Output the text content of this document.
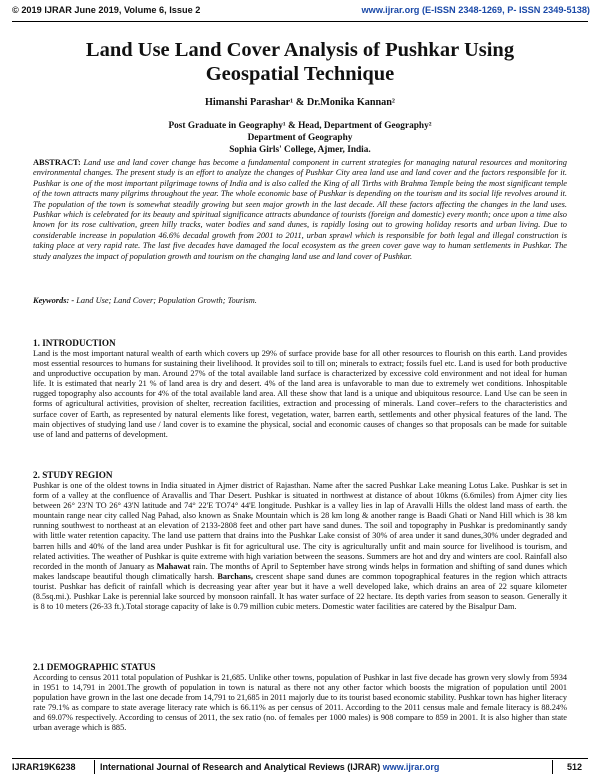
© 2019 IJRAR June 2019, Volume 6, Issue 2	www.ijrar.org (E-ISSN 2348-1269, P- ISSN 2349-5138)
Land Use Land Cover Analysis of Pushkar Using
Geospatial Technique
Himanshi Parashar¹ & Dr.Monika Kannan²
Post Graduate in Geography¹ & Head, Department of Geography²
Department of Geography
Sophia Girls' College, Ajmer, India.

ABSTRACT: Land use and land cover change has become a fundamental component in current strategies for managing natural resources and monitoring environmental changes. The present study is an effort to analyze the changes of Pushkar City area land use and land cover and the factors responsible for it. Pushkar is one of the most important pilgrimage towns of India and is also called the King of all Tirths with Brahma Temple being the most significant temple of the town attracts many pilgrims throughout the year. The whole economic base of Pushkar is depending on the tourism and its social life revolves around it. The population of the town is somewhat steadily growing but seen major growth in the last decade. All these factors affecting the changes in the land uses. Pushkar which is celebrated for its beauty and spiritual significance attracts abundance of tourists (foreign and domestic) every month; once upon a time also known for its rose cultivation, green hilly tracks, water bodies and sand dunes, is rapidly losing out to growing holiday resorts and urban living. Due to considerable increase in population 46.6% decadal growth from 2001 to 2011, urban sprawl which is responsible for both legal and illegal construction is taking place at very rapid rate. The last five decades have damaged the local ecosystem as the green cover gave way to human settlements in Pushkar. The study analyzes the impact of population growth and tourism on the changing land use and land cover of Pushkar.

Keywords: - Land Use; Land Cover; Population Growth; Tourism.

1. INTRODUCTION

Land is the most important natural wealth of earth which covers up 29% of surface provide base for all other resources to flourish on this earth. Land provides most essential resources to humans for sustaining their livelihood. It provides soil to till on; minerals to extract; fossils fuel etc. Land is used for both productive and unproductive occupation by man. Around 27% of the total available land surface is characterized by excessive cold environment and not ideal for human life. It is estimated that nearly 21 % of land area is dry and desert. 4% of the land area is unfavorable to man due to extremely wet conditions. Inhospitable rugged topography also accounts for 4% of the total available land area. All these show that land is a unique and ubiquitous resource. Land Use can be seen in forms of agricultural activities, provision of shelter, recreation facilities, extraction and processing of minerals. Land cover–refers to the characteristics and surface cover of Earth, as represented by natural elements like forest, vegetation, water, barren earth, settlements and other physical features of the land. The main objectives of studying land use / land cover is to examine the physical, social and economic causes of changes so that proposals can be made for suitable use of land and patterns of development.

2. STUDY REGION

Pushkar is one of the oldest towns in India situated in Ajmer district of Rajasthan. Name after the sacred Pushkar Lake meaning Lotus Lake. Pushkar is set in form of a valley at the confluence of Aravallis and Thar Desert. Pushkar is situated in northwest at distance of about 10kms (6.6miles) from Ajmer city lies between 26° 23'N TO 26° 43'N latitude and 74° 22'E TO74° 44'E longitude. Pushkar is a valley lies in lap of Aravalli Hills the oldest land mass of earth. the mountain range near city called Nag Pahad, also known as Snake Mountain which is 28 km long & another range is Baadi Ghati or Nand Hill which is 38 km running southwest to northeast at an elevation of 2133-2808 feet and other part have sand dunes. The soil and topography in Pushkar is predominantly sandy with little water retention capacity. The land use pattern that drains into the Pushkar Lake consist of 30% of area under it sand dunes,30% under degraded and barren hills and 40% of the land area under Pushkar is fit for agricultural use. The city is agriculturally unfit and main source for livelihood is tourism, and related activities. The weather of Pushkar is quite extreme with high variation between the seasons. Summers are hot and dry and winters are cool. Rainfall also recorded in the month of January as Mahawat rain. The months of April to September have strong winds helps in formation and shifting of sand dunes which makes landscape beautiful though climatically harsh. Barchans, crescent shape sand dunes are common topographical features in the region which attracts tourist. Pushkar has deficit of rainfall which is decreasing year after year but it have a well developed lake, which drains an area of 22 square kilometer (8.5sq.mi.). Pushkar Lake is perennial lake sourced by monsoon rainfall. It has water surface of 22 hectare. Its depth varies from season to season. Generally it is 8 to 10 meters (26-33 ft.).Total storage capacity of lake is 0.79 million cubic meters. Domestic water facilities are catered by the Bisalpur Dam.

2.1 DEMOGRAPHIC STATUS

According to census 2011 total population of Pushkar is 21,685. Unlike other towns, population of Pushkar in last five decade has grown very slowly from 5934 in 1951 to 14,791 in 2001.The growth of population in town is natural as there not any other factor which boosts the migration of population until 2001 population have grown in the last one decade from 14,791 to 21,685 in 2011 majorly due to its tourist based economic stability. Pushkar town has higher literacy rate 79.1% as compare to state average literacy rate which is 66.11% as per census of 2011. According to the 2011 census male and female literacy is 88.24% and 69.07% respectively. According to census of 2011, the sex ratio (no. of females per 1000 males) is 908 compare to 859 in 2001. It is also higher than state urban average which is 885.

IJRAR19K6238	International Journal of Research and Analytical Reviews (IJRAR) www.ijrar.org	512
